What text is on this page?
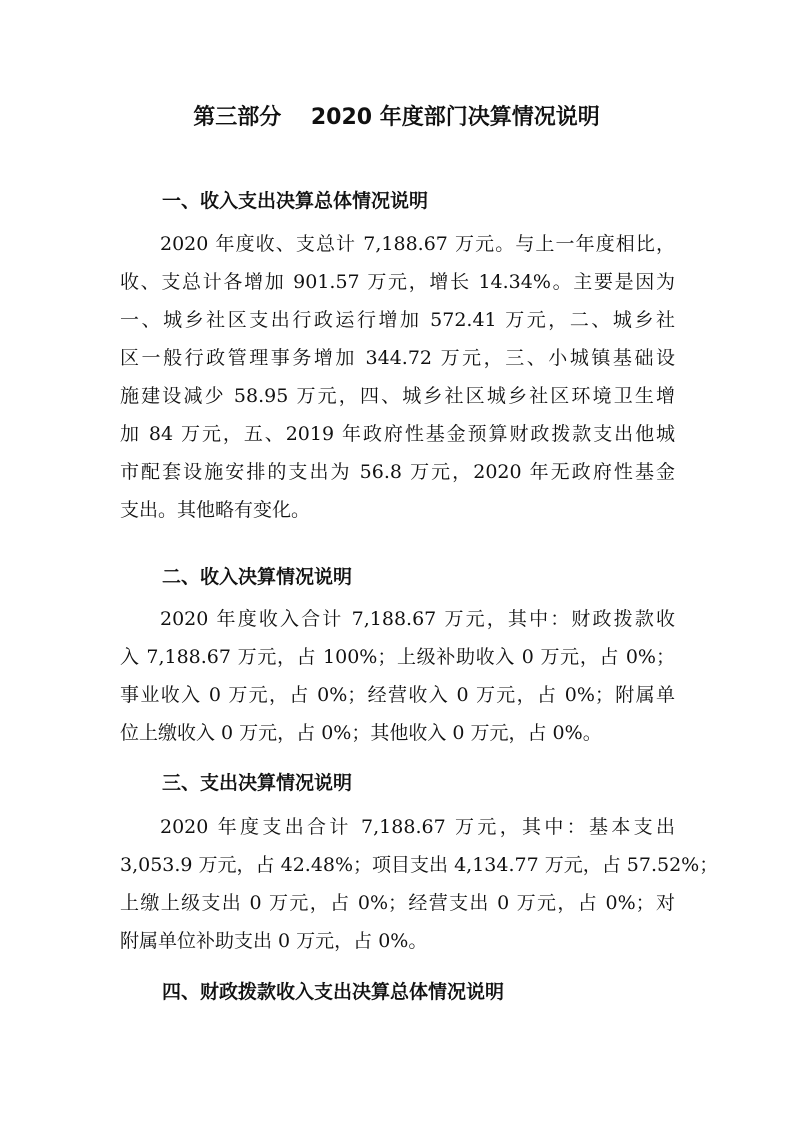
第三部分　 2020 年度部门决算情况说明
一、收入支出决算总体情况说明
2020 年度收、支总计 7,188.67 万元。与上一年度相比，
收、支总计各增加 901.57 万元，增长 14.34%。主要是因为
一、城乡社区支出行政运行增加 572.41 万元，二、城乡社
区一般行政管理事务增加 344.72 万元，三、小城镇基础设
施建设减少 58.95 万元，四、城乡社区城乡社区环境卫生增
加 84 万元，五、2019 年政府性基金预算财政拨款支出他城
市配套设施安排的支出为 56.8 万元，2020 年无政府性基金
支出。其他略有变化。
二、收入决算情况说明
2020 年度收入合计 7,188.67 万元，其中：财政拨款收
入 7,188.67 万元，占 100%；上级补助收入 0 万元，占 0%；
事业收入 0 万元，占 0%；经营收入 0 万元，占 0%；附属单
位上缴收入 0 万元，占 0%；其他收入 0 万元，占 0%。
三、支出决算情况说明
2020 年度支出合计 7,188.67 万元，其中：基本支出
3,053.9 万元，占 42.48%；项目支出 4,134.77 万元，占 57.52%；
上缴上级支出 0 万元，占 0%；经营支出 0 万元，占 0%；对
附属单位补助支出 0 万元，占 0%。
四、财政拨款收入支出决算总体情况说明
